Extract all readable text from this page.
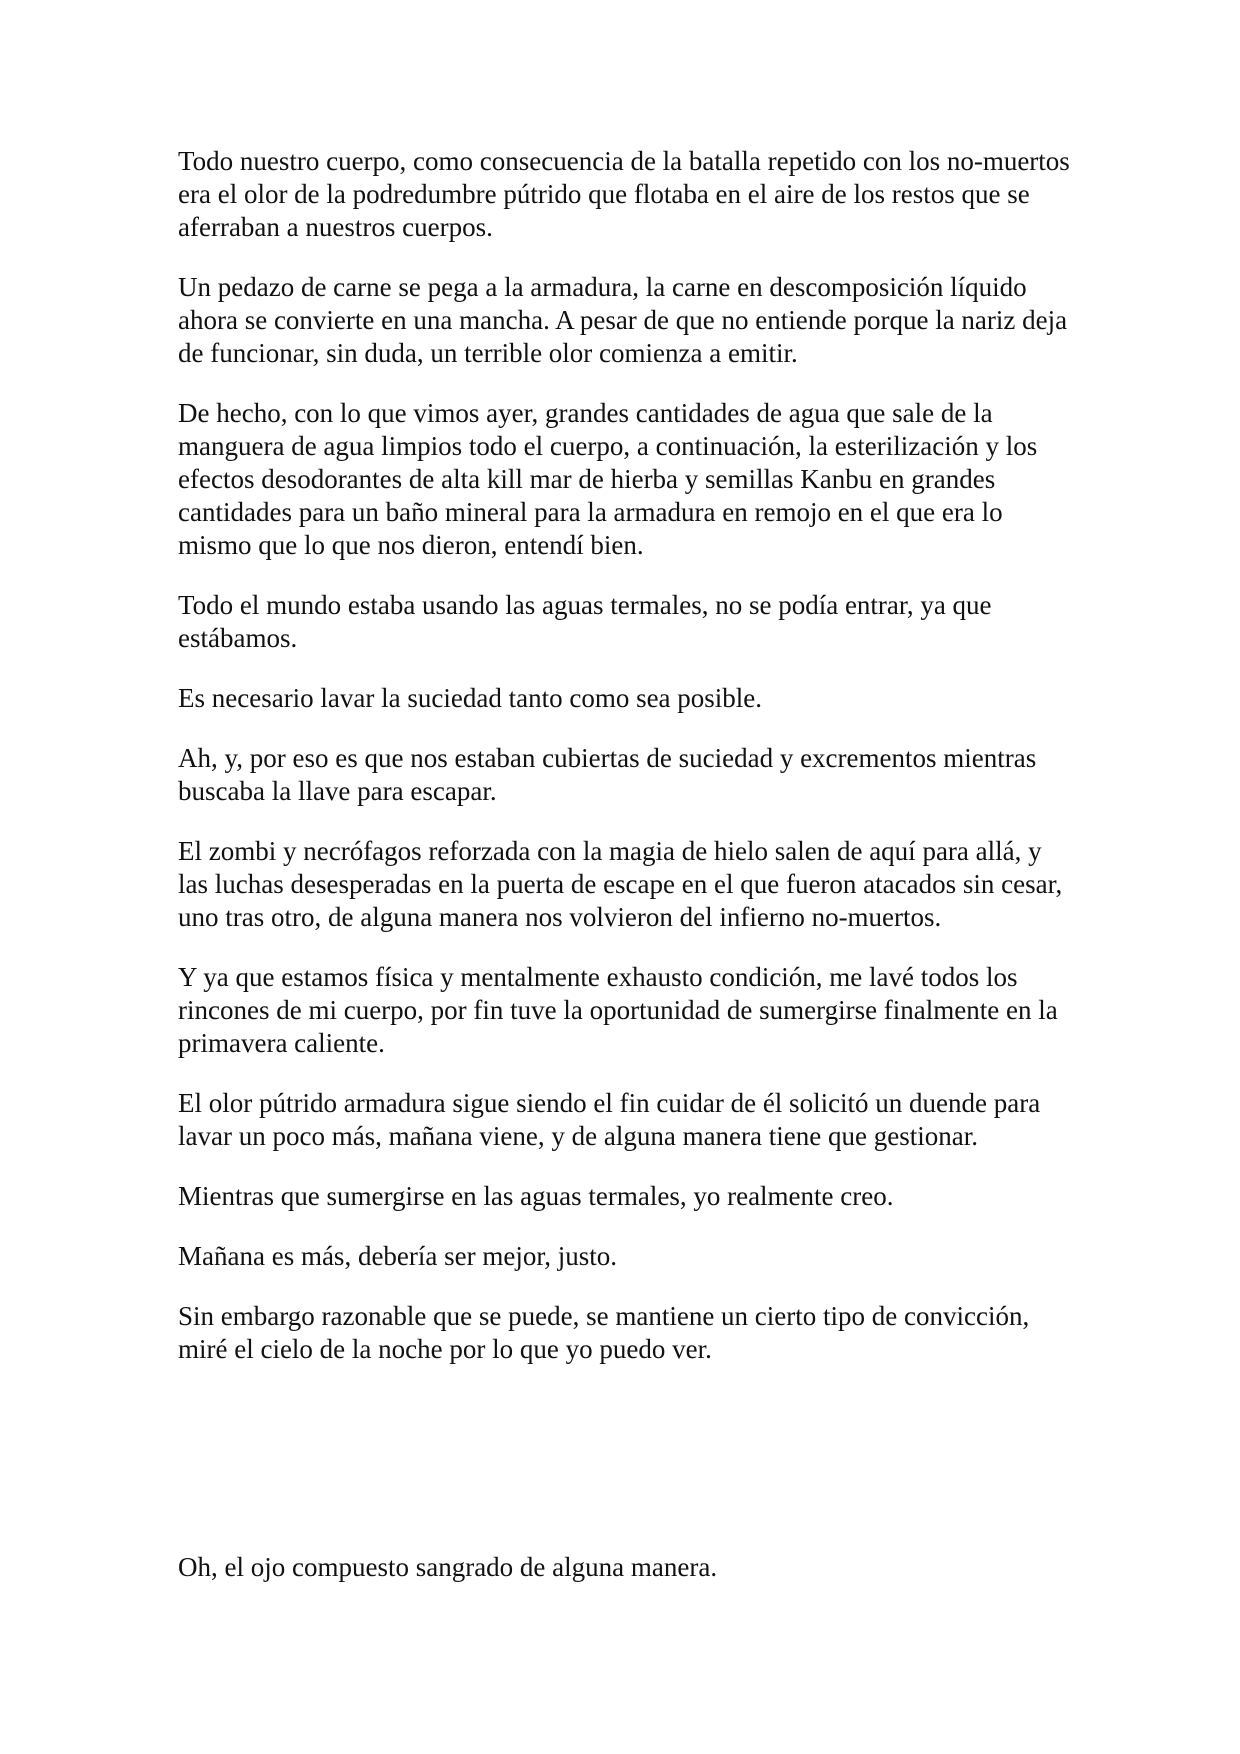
Todo nuestro cuerpo, como consecuencia de la batalla repetido con los no-muertos era el olor de la podredumbre pútrido que flotaba en el aire de los restos que se aferraban a nuestros cuerpos.

Un pedazo de carne se pega a la armadura, la carne en descomposición líquido ahora se convierte en una mancha. A pesar de que no entiende porque la nariz deja de funcionar, sin duda, un terrible olor comienza a emitir.

De hecho, con lo que vimos ayer, grandes cantidades de agua que sale de la manguera de agua limpios todo el cuerpo, a continuación, la esterilización y los efectos desodorantes de alta kill mar de hierba y semillas Kanbu en grandes cantidades para un baño mineral para la armadura en remojo en el que era lo mismo que lo que nos dieron, entendí bien.

Todo el mundo estaba usando las aguas termales, no se podía entrar, ya que estábamos.

Es necesario lavar la suciedad tanto como sea posible.

Ah, y, por eso es que nos estaban cubiertas de suciedad y excrementos mientras buscaba la llave para escapar.

El zombi y necrófagos reforzada con la magia de hielo salen de aquí para allá, y las luchas desesperadas en la puerta de escape en el que fueron atacados sin cesar, uno tras otro, de alguna manera nos volvieron del infierno no-muertos.

Y ya que estamos física y mentalmente exhausto condición, me lavé todos los rincones de mi cuerpo, por fin tuve la oportunidad de sumergirse finalmente en la primavera caliente.

El olor pútrido armadura sigue siendo el fin cuidar de él solicitó un duende para lavar un poco más, mañana viene, y de alguna manera tiene que gestionar.

Mientras que sumergirse en las aguas termales, yo realmente creo.

Mañana es más, debería ser mejor, justo.

Sin embargo razonable que se puede, se mantiene un cierto tipo de convicción, miré el cielo de la noche por lo que yo puedo ver.

Oh, el ojo compuesto sangrado de alguna manera.
